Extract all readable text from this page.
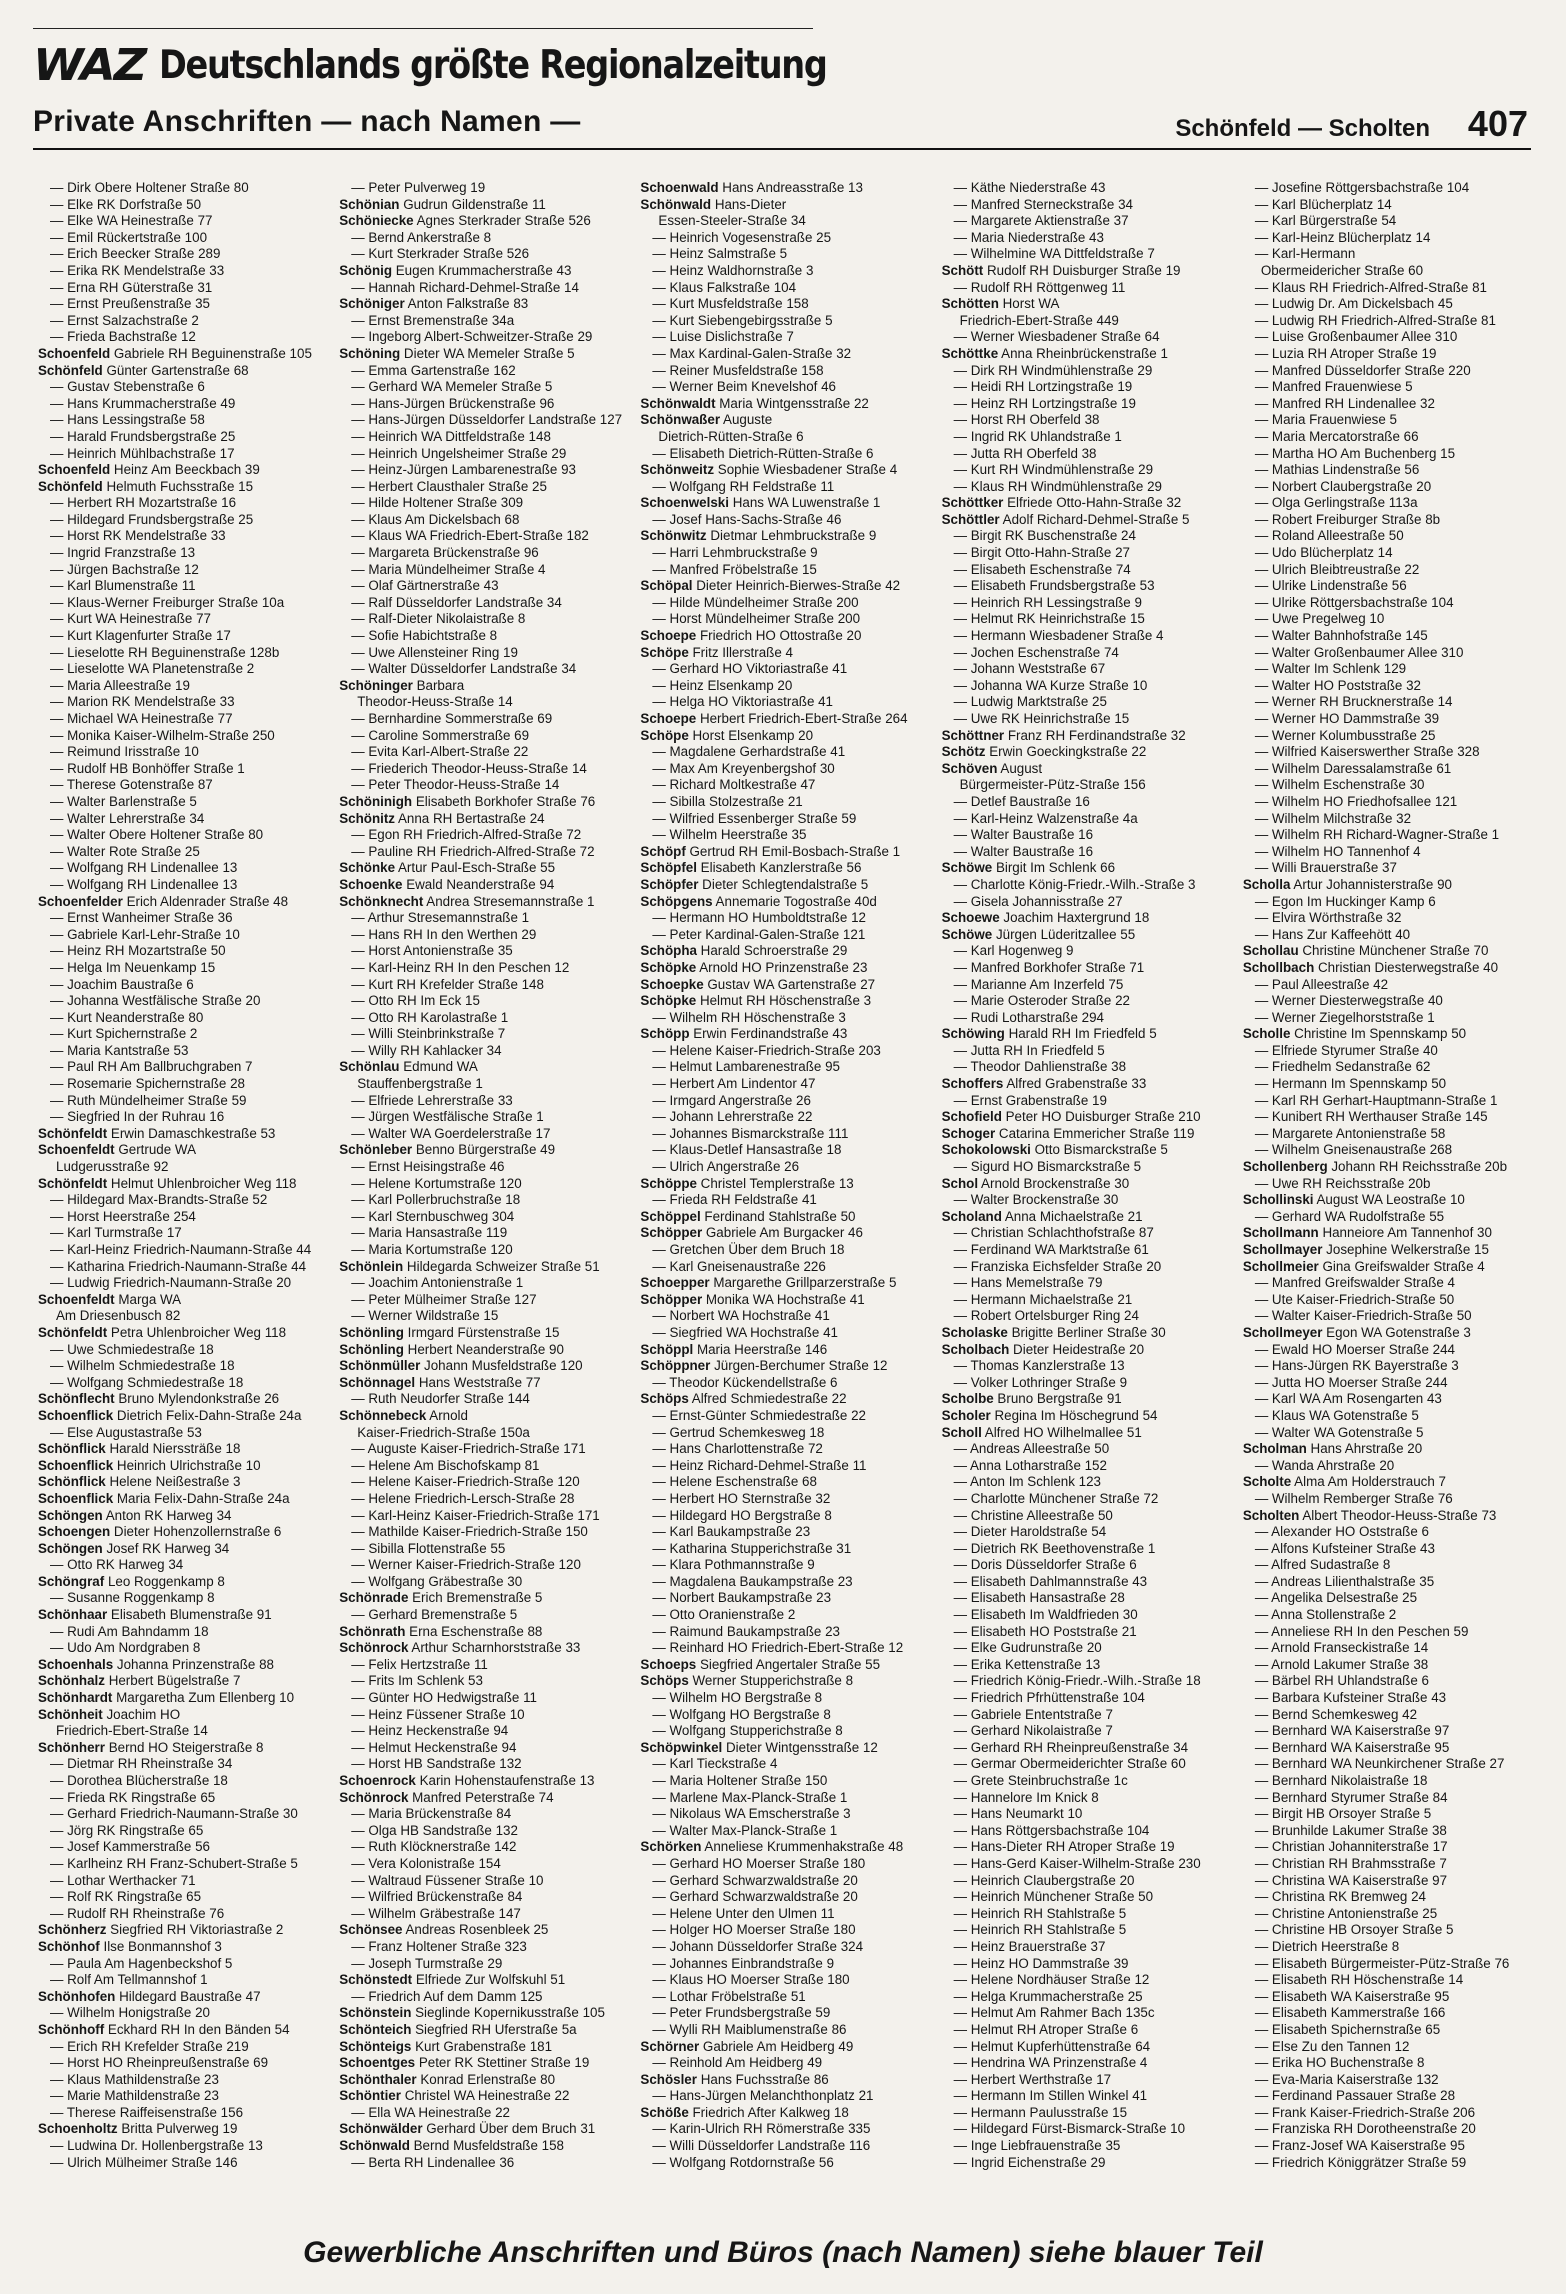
WAZ Deutschlands größte Regionalzeitung
Private Anschriften — nach Namen —	Schönfeld — Scholten 407
— Dirk Obere Holtener Straße 80
— Elke RK Dorfstraße 50
— Elke WA Heinestraße 77
— Emil Rückertstraße 100
— Erich Beecker Straße 289
— Erika RK Mendelstraße 33
— Erna RH Güterstraße 31
— Ernst Preußenstraße 35
— Ernst Salzachstraße 2
— Frieda Bachstraße 12
Schoenfeld Gabriele RH Beguinenstraße 105
Schönfeld Günter Gartenstraße 68
— Gustav Stebenstraße 6
— Hans Krummacherstraße 49
— Hans Lessingstraße 58
— Harald Frundsbergstraße 25
— Heinrich Mühlbachstraße 17
Schoenfeld Heinz Am Beeckbach 39
Schönfeld Helmuth Fuchsstraße 15
— Herbert RH Mozartstraße 16
— Hildegard Frundsbergstraße 25
— Horst RK Mendelstraße 33
— Ingrid Franzstraße 13
— Jürgen Bachstraße 12
— Karl Blumenstraße 11
— Klaus-Werner Freiburger Straße 10a
— Kurt WA Heinestraße 77
— Kurt Klagenfurter Straße 17
— Lieselotte RH Beguinenstraße 128b
— Lieselotte WA Planetenstraße 2
— Maria Alleestraße 19
— Marion RK Mendelstraße 33
— Michael WA Heinestraße 77
— Monika Kaiser-Wilhelm-Straße 250
— Reimund Irisstraße 10
— Rudolf HB Bonhöffer Straße 1
— Therese Gotenstraße 87
— Walter Barlenstraße 5
— Walter Lehrerstraße 34
— Walter Obere Holtener Straße 80
— Walter Rote Straße 25
— Wolfgang RH Lindenallee 13
— Wolfgang RH Lindenallee 13
Schoenfelder Erich Aldenrader Straße 48
— Ernst Wanheimer Straße 36
— Gabriele Karl-Lehr-Straße 10
— Heinz RH Mozartstraße 50
— Helga Im Neuenkamp 15
— Joachim Baustraße 6
— Johanna Westfälische Straße 20
— Kurt Neanderstraße 80
— Kurt Spichernstraße 2
— Maria Kantstraße 53
— Paul RH Am Ballbruchgraben 7
— Rosemarie Spichernstraße 28
— Ruth Mündelheimer Straße 59
— Siegfried In der Ruhrau 16
Schönfeldt Erwin Damaschkestraße 53
Schoenfeldt Gertrude WA
Ludgerusstraße 92
Schönfeldt Helmut Uhlenbroicher Weg 118
— Hildegard Max-Brandts-Straße 52
— Horst Heerstraße 254
— Karl Turmstraße 17
— Karl-Heinz Friedrich-Naumann-Straße 44
— Katharina Friedrich-Naumann-Straße 44
— Ludwig Friedrich-Naumann-Straße 20
Schoenfeldt Marga WA
Am Driesenbusch 82
Schönfeldt Petra Uhlenbroicher Weg 118
— Uwe Schmiedestraße 18
— Wilhelm Schmiedestraße 18
— Wolfgang Schmiedestraße 18
Schönflecht Bruno Mylendonkstraße 26
Schoenflick Dietrich Felix-Dahn-Straße 24a
— Else Augustastraße 53
Schönflick Harald Nierssträße 18
Schoenflick Heinrich Ulrichstraße 10
Schönflick Helene Neißestraße 3
Schoenflick Maria Felix-Dahn-Straße 24a
Schöngen Anton RK Harweg 34
Schoengen Dieter Hohenzollernstraße 6
Schöngen Josef RK Harweg 34
— Otto RK Harweg 34
Schöngraf Leo Roggenkamp 8
— Susanne Roggenkamp 8
Schönhaar Elisabeth Blumenstraße 91
— Rudi Am Bahndamm 18
— Udo Am Nordgraben 8
Schoenhals Johanna Prinzenstraße 88
Schönhalz Herbert Bügelstraße 7
Schönhardt Margaretha Zum Ellenberg 10
Schönheit Joachim HO
Friedrich-Ebert-Straße 14
Schönherr Bernd HO Steigerstraße 8
— Dietmar RH Rheinstraße 34
— Dorothea Blücherstraße 18
— Frieda RK Ringstraße 65
— Gerhard Friedrich-Naumann-Straße 30
— Jörg RK Ringstraße 65
— Josef Kammerstraße 56
— Karlheinz RH Franz-Schubert-Straße 5
— Lothar Werthacker 71
— Rolf RK Ringstraße 65
— Rudolf RH Rheinstraße 76
Schönherz Siegfried RH Viktoriastraße 2
Schönhof Ilse Bonmannshof 3
— Paula Am Hagenbeckshof 5
— Rolf Am Tellmannshof 1
Schönhofen Hildegard Baustraße 47
— Wilhelm Honigstraße 20
Schönhoff Eckhard RH In den Bänden 54
— Erich RH Krefelder Straße 219
— Horst HO Rheinpreußenstraße 69
— Klaus Mathildenstraße 23
— Marie Mathildenstraße 23
— Therese Raiffeisenstraße 156
Schoenholtz Britta Pulverweg 19
— Ludwina Dr. Hollenbergstraße 13
— Ulrich Mülheimer Straße 146
— Peter Pulverweg 19
Schönian Gudrun Gildenstraße 11
Schöniecke Agnes Sterkrader Straße 526
— Bernd Ankerstraße 8
— Kurt Sterkrader Straße 526
Schönig Eugen Krummacherstraße 43
— Hannah Richard-Dehmel-Straße 14
Schöniger Anton Falkstraße 83
— Ernst Bremenstraße 34a
— Ingeborg Albert-Schweitzer-Straße 29
Schöning Dieter WA Memeler Straße 5
— Emma Gartenstraße 162
— Gerhard WA Memeler Straße 5
— Hans-Jürgen Brückenstraße 96
— Hans-Jürgen Düsseldorfer Landstraße 127
— Heinrich WA Dittfeldstraße 148
— Heinrich Ungelsheimer Straße 29
— Heinz-Jürgen Lambarenestraße 93
— Herbert Clausthaler Straße 25
— Hilde Holtener Straße 309
— Klaus Am Dickelsbach 68
— Klaus WA Friedrich-Ebert-Straße 182
— Margareta Brückenstraße 96
— Maria Mündelheimer Straße 4
— Olaf Gärtnerstraße 43
— Ralf Düsseldorfer Landstraße 34
— Ralf-Dieter Nikolaistraße 8
— Sofie Habichtstraße 8
— Uwe Allensteiner Ring 19
— Walter Düsseldorfer Landstraße 34
Schöninger Barbara
Theodor-Heuss-Straße 14
— Bernhardine Sommerstraße 69
— Caroline Sommerstraße 69
— Evita Karl-Albert-Straße 22
— Friederich Theodor-Heuss-Straße 14
— Peter Theodor-Heuss-Straße 14
Schöninigh Elisabeth Borkhofer Straße 76
Schönitz Anna RH Bertastraße 24
— Egon RH Friedrich-Alfred-Straße 72
— Pauline RH Friedrich-Alfred-Straße 72
Schönke Artur Paul-Esch-Straße 55
Schoenke Ewald Neanderstraße 94
Schönknecht Andrea Stresemannstraße 1
— Arthur Stresemannstraße 1
— Hans RH In den Werthen 29
— Horst Antonienstraße 35
— Karl-Heinz RH In den Peschen 12
— Kurt RH Krefelder Straße 148
— Otto RH Im Eck 15
— Otto RH Karolastraße 1
— Willi Steinbrinkstraße 7
— Willy RH Kahlacker 34
Schönlau Edmund WA
Stauffenbergstraße 1
— Elfriede Lehrerstraße 33
— Jürgen Westfälische Straße 1
— Walter WA Goerdelerstraße 17
Schönleber Benno Bürgerstraße 49
— Ernst Heisingstraße 46
— Helene Kortumstraße 120
— Karl Pollerbruchstraße 18
— Karl Sternbuschweg 304
— Maria Hansastraße 119
— Maria Kortumstraße 120
Schönlein Hildegarda Schweizer Straße 51
— Joachim Antonienstraße 1
— Peter Mülheimer Straße 127
— Werner Wildstraße 15
Schönling Irmgard Fürstenstraße 15
Schönling Herbert Neanderstraße 90
Schönmüller Johann Musfeldstraße 120
Schönnagel Hans Weststraße 77
— Ruth Neudorfer Straße 144
Schönnebeck Arnold
Kaiser-Friedrich-Straße 150a
— Auguste Kaiser-Friedrich-Straße 171
— Helene Am Bischofskamp 81
— Helene Kaiser-Friedrich-Straße 120
— Helene Friedrich-Lersch-Straße 28
— Karl-Heinz Kaiser-Friedrich-Straße 171
— Mathilde Kaiser-Friedrich-Straße 150
— Sibilla Flottenstraße 55
— Werner Kaiser-Friedrich-Straße 120
— Wolfgang Gräbestraße 30
Schönrade Erich Bremenstraße 5
— Gerhard Bremenstraße 5
Schönrath Erna Eschenstraße 88
Schönrock Arthur Scharnhorststraße 33
— Felix Hertzstraße 11
— Frits Im Schlenk 53
— Günter HO Hedwigstraße 11
— Heinz Füssener Straße 10
— Heinz Heckenstraße 94
— Helmut Heckenstraße 94
— Horst HB Sandstraße 132
Schoenrock Karin Hohenstaufenstraße 13
Schönrock Manfred Peterstraße 74
— Maria Brückenstraße 84
— Olga HB Sandstraße 132
— Ruth Klöcknerstraße 142
— Vera Kolonistraße 154
— Waltraud Füssener Straße 10
— Wilfried Brückenstraße 84
— Wilhelm Gräbestraße 147
Schönsee Andreas Rosenbleek 25
— Franz Holtener Straße 323
— Joseph Turmstraße 29
Schönstedt Elfriede Zur Wolfskuhl 51
— Friedrich Auf dem Damm 125
Schönstein Sieglinde Kopernikusstraße 105
Schönteich Siegfried RH Uferstraße 5a
Schönteigs Kurt Grabenstraße 181
Schoentges Peter RK Stettiner Straße 19
Schönthaler Konrad Erlenstraße 80
Schöntier Christel WA Heinestraße 22
— Ella WA Heinestraße 22
Schönwälder Gerhard Über dem Bruch 31
Schönwald Bernd Musfeldstraße 158
— Berta RH Lindenallee 36
Schoenwald Hans Andreasstraße 13
Schönwald Hans-Dieter
Essen-Steeler-Straße 34
— Heinrich Vogesenstraße 25
— Heinz Salmstraße 5
— Heinz Waldhornstraße 3
— Klaus Falkstraße 104
— Kurt Musfeldstraße 158
— Kurt Siebengebirgsstraße 5
— Luise Dislichstraße 7
— Max Kardinal-Galen-Straße 32
— Reiner Musfeldstraße 158
— Werner Beim Knevelshof 46
Schönwaldt Maria Wintgensstraße 22
Schönwaßer Auguste
Dietrich-Rütten-Straße 6
— Elisabeth Dietrich-Rütten-Straße 6
Schönweitz Sophie Wiesbadener Straße 4
— Wolfgang RH Feldstraße 11
Schoenwelski Hans WA Luwenstraße 1
— Josef Hans-Sachs-Straße 46
Schönwitz Dietmar Lehmbruckstraße 9
— Harri Lehmbruckstraße 9
— Manfred Fröbelstraße 15
Schöpal Dieter Heinrich-Bierwes-Straße 42
— Hilde Mündelheimer Straße 200
— Horst Mündelheimer Straße 200
Schoepe Friedrich HO Ottostraße 20
Schöpe Fritz Illerstraße 4
— Gerhard HO Viktoriastraße 41
— Heinz Elsenkamp 20
— Helga HO Viktoriastraße 41
Schoepe Herbert Friedrich-Ebert-Straße 264
Schöpe Horst Elsenkamp 20
— Magdalene Gerhardstraße 41
— Max Am Kreyenbergshof 30
— Richard Moltkestraße 47
— Sibilla Stolzestraße 21
— Wilfried Essenberger Straße 59
— Wilhelm Heerstraße 35
Schöpf Gertrud RH Emil-Bosbach-Straße 1
Schöpfel Elisabeth Kanzlerstraße 56
Schöpfer Dieter Schlegtendalstraße 5
Schöpgens Annemarie Togostraße 40d
— Hermann HO Humboldtstraße 12
— Peter Kardinal-Galen-Straße 121
Schöpha Harald Schroerstraße 29
Schöpke Arnold HO Prinzenstraße 23
Schoepke Gustav WA Gartenstraße 27
Schöpke Helmut RH Höschenstraße 3
— Wilhelm RH Höschenstraße 3
Schöpp Erwin Ferdinandstraße 43
— Helene Kaiser-Friedrich-Straße 203
— Helmut Lambarenestraße 95
— Herbert Am Lindentor 47
— Irmgard Angerstraße 26
— Johann Lehrerstraße 22
— Johannes Bismarckstraße 111
— Klaus-Detlef Hansastraße 18
— Ulrich Angerstraße 26
Schöppe Christel Templerstraße 13
— Frieda RH Feldstraße 41
Schöppel Ferdinand Stahlstraße 50
Schöpper Gabriele Am Burgacker 46
— Gretchen Über dem Bruch 18
— Karl Gneisenaustraße 226
Schoepper Margarethe Grillparzerstraße 5
Schöpper Monika WA Hochstraße 41
— Norbert WA Hochstraße 41
— Siegfried WA Hochstraße 41
Schöppl Maria Heerstraße 146
Schöppner Jürgen-Berchumer Straße 12
— Theodor Kückendellstraße 6
Schöps Alfred Schmiedestraße 22
— Ernst-Günter Schmiedestraße 22
— Gertrud Schemkesweg 18
— Hans Charlottenstraße 72
— Heinz Richard-Dehmel-Straße 11
— Helene Eschenstraße 68
— Herbert HO Sternstraße 32
— Hildegard HO Bergstraße 8
— Karl Baukampstraße 23
— Katharina Stupperichstraße 31
— Klara Pothmannstraße 9
— Magdalena Baukampstraße 23
— Norbert Baukampstraße 23
— Otto Oranienstraße 2
— Raimund Baukampstraße 23
— Reinhard HO Friedrich-Ebert-Straße 12
Schoeps Siegfried Angertaler Straße 55
Schöps Werner Stupperichstraße 8
— Wilhelm HO Bergstraße 8
— Wolfgang HO Bergstraße 8
— Wolfgang Stupperichstraße 8
Schöpwinkel Dieter Wintgensstraße 12
— Karl Tieckstraße 4
— Maria Holtener Straße 150
— Marlene Max-Planck-Straße 1
— Nikolaus WA Emscherstraße 3
— Walter Max-Planck-Straße 1
Schörken Anneliese Krummenhakstraße 48
— Gerhard HO Moerser Straße 180
— Gerhard Schwarzwaldstraße 20
— Gerhard Schwarzwaldstraße 20
— Helene Unter den Ulmen 11
— Holger HO Moerser Straße 180
— Johann Düsseldorfer Straße 324
— Johannes Einbrandstraße 9
— Klaus HO Moerser Straße 180
— Lothar Fröbelstraße 51
— Peter Frundsbergstraße 59
— Wylli RH Maiblumenstraße 86
Schörner Gabriele Am Heidberg 49
— Reinhold Am Heidberg 49
Schösler Hans Fuchsstraße 86
— Hans-Jürgen Melanchthonplatz 21
Schöße Friedrich After Kalkweg 18
— Karin-Ulrich RH Römerstraße 335
— Willi Düsseldorfer Landstraße 116
— Wolfgang Rotdornstraße 56
— Käthe Niederstraße 43
— Manfred Sterneckstraße 34
— Margarete Aktienstraße 37
— Maria Niederstraße 43
— Wilhelmine WA Dittfeldstraße 7
Schött Rudolf RH Duisburger Straße 19
— Rudolf RH Röttgenweg 11
Schötten Horst WA
Friedrich-Ebert-Straße 449
— Werner Wiesbadener Straße 64
Schöttke Anna Rheinbrückenstraße 1
— Dirk RH Windmühlenstraße 29
— Heidi RH Lortzingstraße 19
— Heinz RH Lortzingstraße 19
— Horst RH Oberfeld 38
— Ingrid RK Uhlandstraße 1
— Jutta RH Oberfeld 38
— Kurt RH Windmühlenstraße 29
— Klaus RH Windmühlenstraße 29
Schöttker Elfriede Otto-Hahn-Straße 32
Schöttler Adolf Richard-Dehmel-Straße 5
— Birgit RK Buschenstraße 24
— Birgit Otto-Hahn-Straße 27
— Elisabeth Eschenstraße 74
— Elisabeth Frundsbergstraße 53
— Heinrich RH Lessingstraße 9
— Helmut RK Heinrichstraße 15
— Hermann Wiesbadener Straße 4
— Jochen Eschenstraße 74
— Johann Weststraße 67
— Johanna WA Kurze Straße 10
— Ludwig Marktstraße 25
— Uwe RK Heinrichstraße 15
Schöttner Franz RH Ferdinandstraße 32
Schötz Erwin Goeckingkstraße 22
Schöven August
Bürgermeister-Pütz-Straße 156
— Detlef Baustraße 16
— Karl-Heinz Walzenstraße 4a
— Walter Baustraße 16
— Walter Baustraße 16
Schöwe Birgit Im Schlenk 66
— Charlotte König-Friedr.-Wilh.-Straße 3
— Gisela Johannisstraße 27
Schoewe Joachim Haxtergrund 18
Schöwe Jürgen Lüderitzallee 55
— Karl Hogenweg 9
— Manfred Borkhofer Straße 71
— Marianne Am Inzerfeld 75
— Marie Osteroder Straße 22
— Rudi Lotharstraße 294
Schöwing Harald RH Im Friedfeld 5
— Jutta RH In Friedfeld 5
— Theodor Dahlienstraße 38
Schoffers Alfred Grabenstraße 33
— Ernst Grabenstraße 19
Schofield Peter HO Duisburger Straße 210
Schoger Catarina Emmericher Straße 119
Schokolowski Otto Bismarckstraße 5
— Sigurd HO Bismarckstraße 5
Schol Arnold Brockenstraße 30
— Walter Brockenstraße 30
Scholand Anna Michaelstraße 21
— Christian Schlachthofstraße 87
— Ferdinand WA Marktstraße 61
— Franziska Eichsfelder Straße 20
— Hans Memelstraße 79
— Hermann Michaelstraße 21
— Robert Ortelsburger Ring 24
Scholaske Brigitte Berliner Straße 30
Scholbach Dieter Heidestraße 20
— Thomas Kanzlerstraße 13
— Volker Lothringer Straße 9
Scholbe Bruno Bergstraße 91
Scholer Regina Im Höschegrund 54
Scholl Alfred HO Wilhelmallee 51
— Andreas Alleestraße 50
— Anna Lotharstraße 152
— Anton Im Schlenk 123
— Charlotte Münchener Straße 72
— Christine Alleestraße 50
— Dieter Haroldstraße 54
— Dietrich RK Beethovenstraße 1
— Doris Düsseldorfer Straße 6
— Elisabeth Dahlmannstraße 43
— Elisabeth Hansastraße 28
— Elisabeth Im Waldfrieden 30
— Elisabeth HO Poststraße 21
— Elke Gudrunstraße 20
— Erika Kettenstraße 13
— Friedrich König-Friedr.-Wilh.-Straße 18
— Friedrich Pfrhüttenstraße 104
— Gabriele Ententstraße 7
— Gerhard Nikolaistraße 7
— Gerhard RH Rheinpreußenstraße 34
— Germar Obermeiderichter Straße 60
— Grete Steinbruchstraße 1c
— Hannelore Im Knick 8
— Hans Neumarkt 10
— Hans Röttgersbachstraße 104
— Hans-Dieter RH Atroper Straße 19
— Hans-Gerd Kaiser-Wilhelm-Straße 230
— Heinrich Claubergstraße 20
— Heinrich Münchener Straße 50
— Heinrich RH Stahlstraße 5
— Heinrich RH Stahlstraße 5
— Heinz Brauerstraße 37
— Heinz HO Dammstraße 39
— Helene Nordhäuser Straße 12
— Helga Krummacherstraße 25
— Helmut Am Rahmer Bach 135c
— Helmut RH Atroper Straße 6
— Helmut Kupferhüttenstraße 64
— Hendrina WA Prinzenstraße 4
— Herbert Werthstraße 17
— Hermann Im Stillen Winkel 41
— Hermann Paulusstraße 15
— Hildegard Fürst-Bismarck-Straße 10
— Inge Liebfrauenstraße 35
— Ingrid Eichenstraße 29
— Josefine Röttgersbachstraße 104
— Karl Blücherplatz 14
— Karl Bürgerstraße 54
— Karl-Heinz Blücherplatz 14
— Karl-Hermann
Obermeidericher Straße 60
— Klaus RH Friedrich-Alfred-Straße 81
— Ludwig Dr. Am Dickelsbach 45
— Ludwig RH Friedrich-Alfred-Straße 81
— Luise Großenbaumer Allee 310
— Luzia RH Atroper Straße 19
— Manfred Düsseldorfer Straße 220
— Manfred Frauenwiese 5
— Manfred RH Lindenallee 32
— Maria Frauenwiese 5
— Maria Mercatorstraße 66
— Martha HO Am Buchenberg 15
— Mathias Lindenstraße 56
— Norbert Claubergstraße 20
— Olga Gerlingstraße 113a
— Robert Freiburger Straße 8b
— Roland Alleestraße 50
— Udo Blücherplatz 14
— Ulrich Bleibtreustraße 22
— Ulrike Lindenstraße 56
— Ulrike Röttgersbachstraße 104
— Uwe Pregelweg 10
— Walter Bahnhofstraße 145
— Walter Großenbaumer Allee 310
— Walter Im Schlenk 129
— Walter HO Poststraße 32
— Werner RH Brucknerstraße 14
— Werner HO Dammstraße 39
— Werner Kolumbusstraße 25
— Wilfried Kaiserswerther Straße 328
— Wilhelm Daressalamstraße 61
— Wilhelm Eschenstraße 30
— Wilhelm HO Friedhofsallee 121
— Wilhelm Milchstraße 32
— Wilhelm RH Richard-Wagner-Straße 1
— Wilhelm HO Tannenhof 4
— Willi Brauerstraße 37
Scholla Artur Johannisterstraße 90
— Egon Im Huckinger Kamp 6
— Elvira Wörthstraße 32
— Hans Zur Kaffeehött 40
Schollau Christine Münchener Straße 70
Schollbach Christian Diesterwegstraße 40
— Paul Alleestraße 42
— Werner Diesterwegstraße 40
— Werner Ziegelhorststraße 1
Scholle Christine Im Spennskamp 50
— Elfriede Styrumer Straße 40
— Friedhelm Sedanstraße 62
— Hermann Im Spennskamp 50
— Karl RH Gerhart-Hauptmann-Straße 1
— Kunibert RH Werthauser Straße 145
— Margarete Antonienstraße 58
— Wilhelm Gneisenaustraße 268
Schollenberg Johann RH Reichsstraße 20b
— Uwe RH Reichsstraße 20b
Schollinski August WA Leostraße 10
— Gerhard WA Rudolfstraße 55
Schollmann Hanneiore Am Tannenhof 30
Schollmayer Josephine Welkerstraße 15
Schollmeier Gina Greifswalder Straße 4
— Manfred Greifswalder Straße 4
— Ute Kaiser-Friedrich-Straße 50
— Walter Kaiser-Friedrich-Straße 50
Schollmeyer Egon WA Gotenstraße 3
— Ewald HO Moerser Straße 244
— Hans-Jürgen RK Bayerstraße 3
— Jutta HO Moerser Straße 244
— Karl WA Am Rosengarten 43
— Klaus WA Gotenstraße 5
— Walter WA Gotenstraße 5
Scholman Hans Ahrstraße 20
— Wanda Ahrstraße 20
Scholte Alma Am Holderstrauch 7
— Wilhelm Remberger Straße 76
Scholten Albert Theodor-Heuss-Straße 73
— Alexander HO Oststraße 6
— Alfons Kufsteiner Straße 43
— Alfred Sudastraße 8
— Andreas Lilienthalstraße 35
— Angelika Delsestraße 25
— Anna Stollenstraße 2
— Anneliese RH In den Peschen 59
— Arnold Franseckistraße 14
— Arnold Lakumer Straße 38
— Bärbel RH Uhlandstraße 6
— Barbara Kufsteiner Straße 43
— Bernd Schemkesweg 42
— Bernhard WA Kaiserstraße 97
— Bernhard WA Kaiserstraße 95
— Bernhard WA Neunkirchener Straße 27
— Bernhard Nikolaistraße 18
— Bernhard Styrumer Straße 84
— Birgit HB Orsoyer Straße 5
— Brunhilde Lakumer Straße 38
— Christian Johanniterstraße 17
— Christian RH Brahmsstraße 7
— Christina WA Kaiserstraße 97
— Christina RK Bremweg 24
— Christine Antonienstraße 25
— Christine HB Orsoyer Straße 5
— Dietrich Heerstraße 8
— Elisabeth Bürgermeister-Pütz-Straße 76
— Elisabeth RH Höschenstraße 14
— Elisabeth WA Kaiserstraße 95
— Elisabeth Kammerstraße 166
— Elisabeth Spichernstraße 65
— Else Zu den Tannen 12
— Erika HO Buchenstraße 8
— Eva-Maria Kaiserstraße 132
— Ferdinand Passauer Straße 28
— Frank Kaiser-Friedrich-Straße 206
— Franziska RH Dorotheenstraße 20
— Franz-Josef WA Kaiserstraße 95
— Friedrich Königgrätzer Straße 59
Gewerbliche Anschriften und Büros (nach Namen) siehe blauer Teil
